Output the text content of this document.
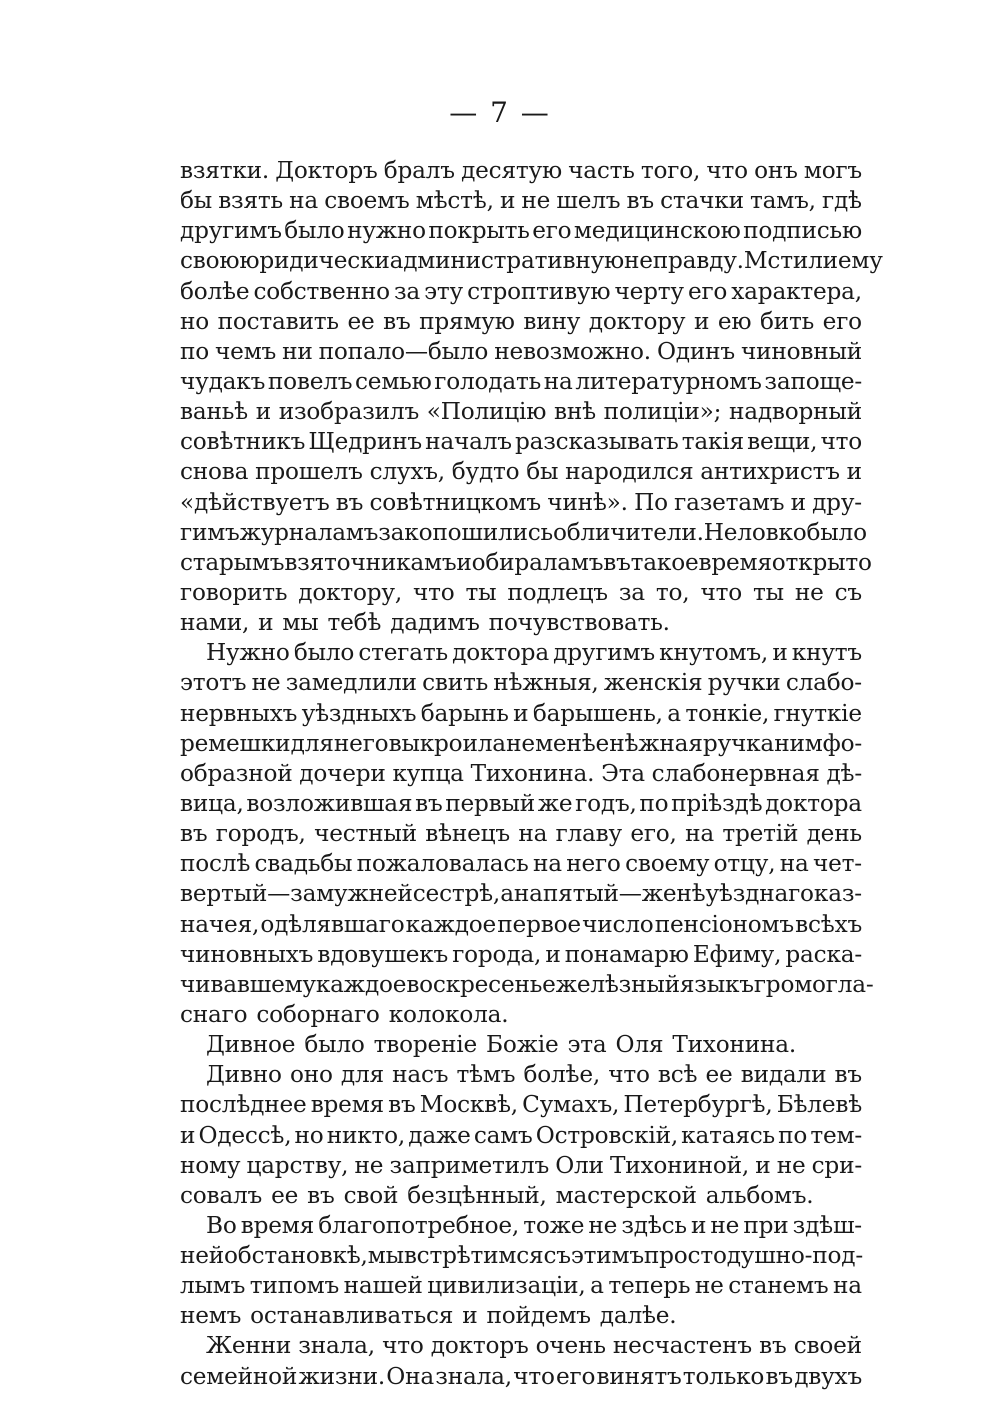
— 7 —
взятки. Докторъ бралъ десятую часть того, что онъ могъ
бы взять на своемъ мѣстѣ, и не шелъ въ стачки тамъ, гдѣ
другимъ было нужно покрыть его медицинскою подписью
свою юридически административную неправду. Мстили ему
болѣе собственно за эту строптивую черту его характера,
но поставить ее въ прямую вину доктору и ею бить его
по чемъ ни попало—было невозможно. Одинъ чиновный
чудакъ повелъ семью голодать на литературномъ запощe-
ваньѣ и изобразилъ «Полицію внѣ полиціи»; надворный
совѣтникъ Щедринъ началъ разсказывать такія вещи, что
снова прошелъ слухъ, будто бы народился антихристъ и
«дѣйствуетъ въ совѣтницкомъ чинѣ». По газетамъ и дру-
гимъ журналамъ закопошились обличители. Неловко было
старымъ взяточникамъ и обираламъ въ такое время открыто
говорить доктору, что ты подлецъ за то, что ты не съ
нами, и мы тебѣ дадимъ почувствовать.
Нужно было стегать доктора другимъ кнутомъ, и кнутъ
этотъ не замедлили свить нѣжныя, женскія ручки слабо-
нервныхъ уѣздныхъ барынь и барышень, а тонкіе, гнуткіе
ремешки для него выкроила не менѣе нѣжная ручка нимфо-
образной дочери купца Тихонина. Эта слабонервная дѣ-
вица, возложившая въ первый же годъ, по пріѣздѣ доктора
въ городъ, честный вѣнецъ на главу его, на третій день
послѣ свадьбы пожаловалась на него своему отцу, на чет-
вертый—замужней сестрѣ, а на пятый—женѣ уѣзднаго каз-
начея, одѣлявшаго каждое первое число пенсіономъ всѣхъ
чиновныхъ вдовушекъ города, и понамарю Ефиму, раска-
чивавшему каждое воскресенье желѣзный языкъ громогла-
снаго соборнаго колокола.
Дивное было твореніе Божіе эта Оля Тихонина.
Дивно оно для насъ тѣмъ болѣе, что всѣ ее видали въ
послѣднее время въ Москвѣ, Сумахъ, Петербургѣ, Бѣлевѣ
и Одессѣ, но никто, даже самъ Островскій, катаясь по тем-
ному царству, не заприметилъ Оли Тихониной, и не сри-
совалъ ее въ свой безцѣнный, мастерской альбомъ.
Во время благопотребное, тоже не здѣсь и не при здѣш-
ней обстановкѣ, мы встрѣтимся съ этимъ простодушно-под-
лымъ типомъ нашей цивилизаціи, а теперь не станемъ на
немъ останавливаться и пойдемъ далѣе.
Женни знала, что докторъ очень несчастенъ въ своей
семейной жизни. Она знала, что его винятъ только въ двухъ
